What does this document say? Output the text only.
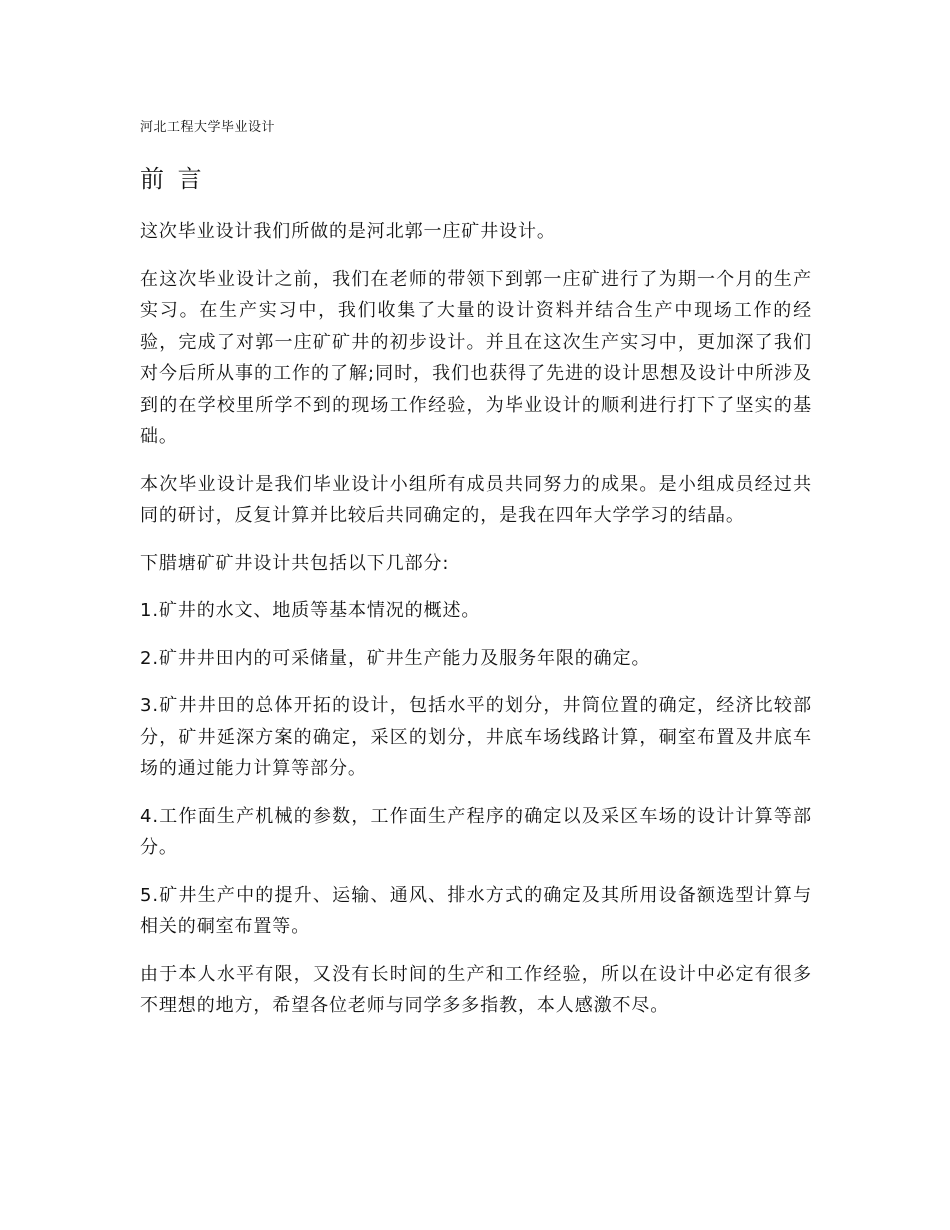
河北工程大学毕业设计
前 言

这次毕业设计我们所做的是河北郭一庄矿井设计。

在这次毕业设计之前，我们在老师的带领下到郭一庄矿进行了为期一个月的生产实习。在生产实习中，我们收集了大量的设计资料并结合生产中现场工作的经验，完成了对郭一庄矿矿井的初步设计。并且在这次生产实习中，更加深了我们对今后所从事的工作的了解;同时，我们也获得了先进的设计思想及设计中所涉及到的在学校里所学不到的现场工作经验，为毕业设计的顺利进行打下了坚实的基础。

本次毕业设计是我们毕业设计小组所有成员共同努力的成果。是小组成员经过共同的研讨，反复计算并比较后共同确定的，是我在四年大学学习的结晶。

下腊塘矿矿井设计共包括以下几部分:

1.矿井的水文、地质等基本情况的概述。

2.矿井井田内的可采储量，矿井生产能力及服务年限的确定。

3.矿井井田的总体开拓的设计，包括水平的划分，井筒位置的确定，经济比较部分，矿井延深方案的确定，采区的划分，井底车场线路计算，硐室布置及井底车场的通过能力计算等部分。

4.工作面生产机械的参数，工作面生产程序的确定以及采区车场的设计计算等部分。

5.矿井生产中的提升、运输、通风、排水方式的确定及其所用设备额选型计算与相关的硐室布置等。

由于本人水平有限，又没有长时间的生产和工作经验，所以在设计中必定有很多不理想的地方，希望各位老师与同学多多指教，本人感激不尽。
